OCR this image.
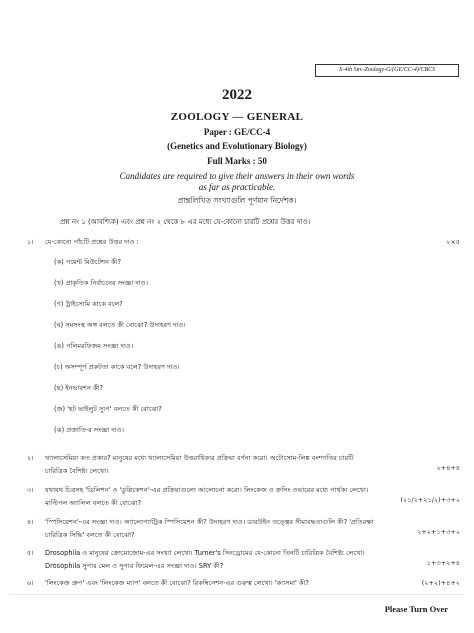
X-4th Sm.-Zoology-G/(GE/CC-4)/CBCS
2022
ZOOLOGY — GENERAL
Paper : GE/CC-4
(Genetics and Evolutionary Biology)
Full Marks : 50
Candidates are required to give their answers in their own words
as far as practicable.
প্রান্তলিখিত সংখ্যাগুলি পূর্ণমান নির্দেশক।
প্রশ্ন নং ১ (আবশ্যিক) এবং প্রশ্ন নং ২ থেকে ৮ এর মধ্যে যে-কোনো চারটি প্রশ্নের উত্তর দাও।
১। যে-কোনো পাঁচটি প্রশ্নের উত্তর দাও :	২×৫
(ক) পয়েন্ট মিউটেশন কী?
(খ) প্রাকৃতিক নির্বাচনের সংজ্ঞা দাও।
(গ) ট্রাইসোমি কাকে বলে?
(ঘ) সমসংস্থ অঙ্গ বলতে কী বোঝো? উদাহরণ দাও।
(ঙ) পলিমরফিজম সংজ্ঞা দাও।
(চ) অসম্পূর্ণ প্রকটতা কাকে বলে? উদাহরণ দাও।
(ছ) ইনভারশন কী?
(জ) 'হট ভাইলুট স্যুপ' বলতে কী বোঝো?
(ঝ) প্রজাতি-র সংজ্ঞা দাও।
২। থ্যালাসেমিয়া কত প্রকার? মানুষের মধ্যে থ্যালাসেমিয়া উত্তরাধিকার প্রক্রিয়া বর্ণনা করো। অটোসোম-লিঙ্ক বংশগতির চারটি
চারিত্রিক বৈশিষ্ট্য লেখো।	২+৪+৪
৩। যথাযথ চিত্রসহ 'ডিলিশন' ও 'ডুপ্লিকেশন'-এর প্রক্রিয়াগুলো আলোচনা করো। লিংকেজ ও ক্রসিং ওভারের মধ্যে পার্থক্য লেখো।
মাল্টিপল অ্যালিল বলতে কী বোঝো?	(২১/২+২১/২)+৩+২
৪। 'স্পিসিয়েশন'-এর সংজ্ঞা দাও। অ্যালোপ্যাট্রিক স্পিসিয়েশন কী? উদাহরণ দাও। ডারউইন তত্ত্বের সীমাবদ্ধতাগুলি কী? 'প্রতিরক্ষা
চারিত্রিক সিদ্ধি' বলতে কী বোঝো?	২+২+১+৩+২
৫। Drosophila ও মানুষের ক্রোমোজোম-এর সংখ্যা লেখো। Turner's সিনড্রোমের যে-কোনো তিনটি চারিত্রিক বৈশিষ্ট্য লেখো।
Drosophila সুপার মেল ও সুপার ফিমেল-এর সংজ্ঞা দাও। SRY কী?	১+৩+২+৪
৬। 'লিংকেজ গ্রুপ' এবং 'লিংকেজ ম্যাপ' বলতে কী বোঝো? রিকম্বিনেশন-এর গুরুত্ব লেখো। 'ক্যাসমা' কী?	(২+২)+৪+২
Please Turn Over
